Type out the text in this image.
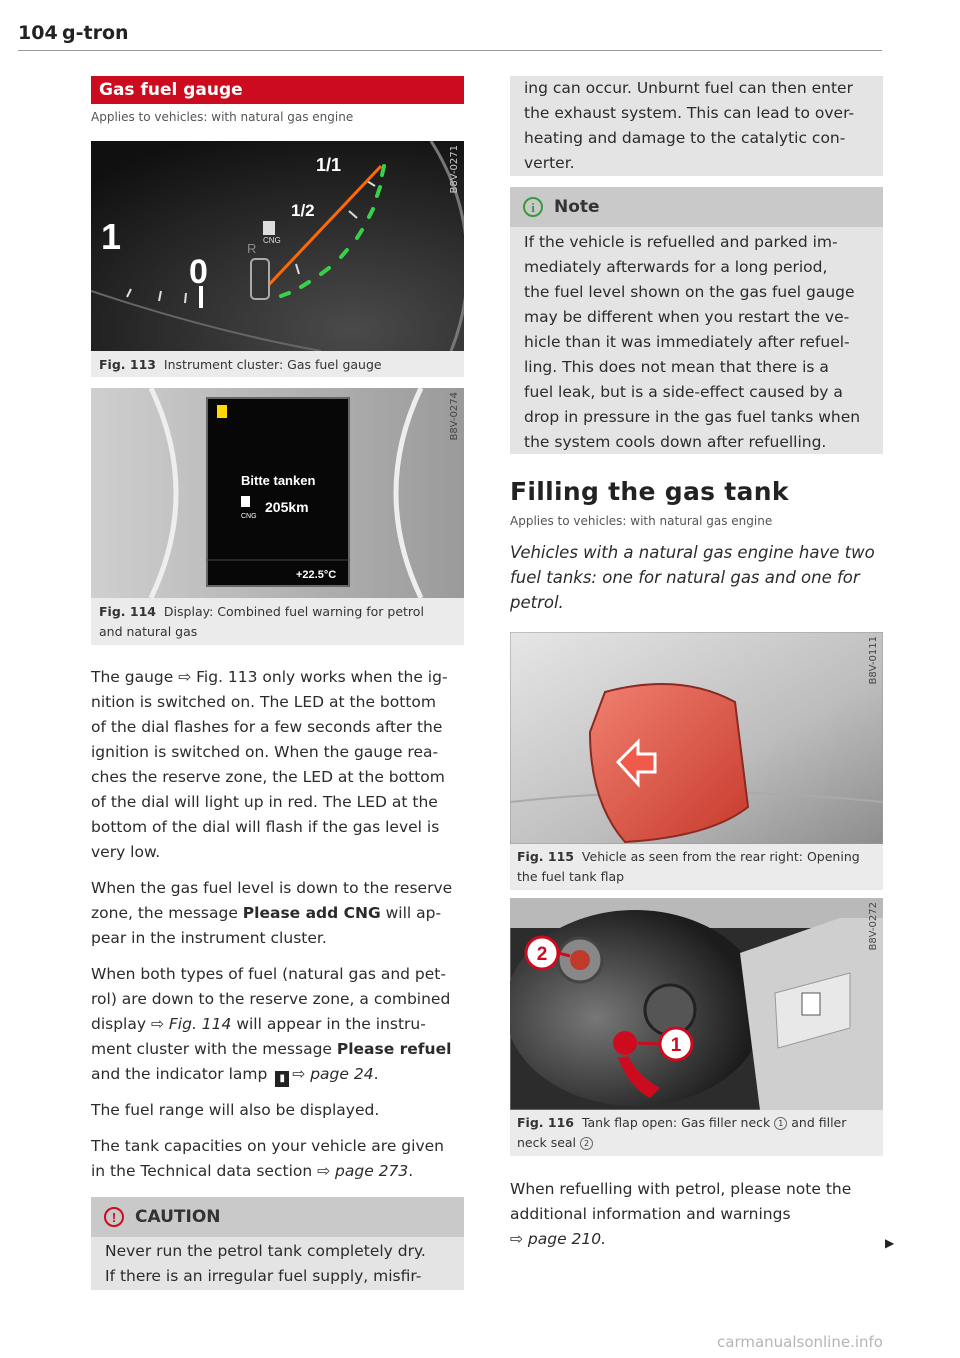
104 g-tron
Gas fuel gauge
Applies to vehicles: with natural gas engine
1/1
1/2
1
0
R
CNG
B8V-0271
Fig. 113 Instrument cluster: Gas fuel gauge
Bitte tanken
CNG
205km
+22.5°C
B8V-0274
Fig. 114 Display: Combined fuel warning for petrol
and natural gas
The gauge ⇨ Fig. 113 only works when the ig-
nition is switched on. The LED at the bottom
of the dial flashes for a few seconds after the
ignition is switched on. When the gauge rea-
ches the reserve zone, the LED at the bottom
of the dial will light up in red. The LED at the
bottom of the dial will flash if the gas level is
very low.
When the gas fuel level is down to the reserve
zone, the message Please add CNG will ap-
pear in the instrument cluster.
When both types of fuel (natural gas and pet-
rol) are down to the reserve zone, a combined
display ⇨ Fig. 114 will appear in the instru-
ment cluster with the message Please refuel
and the indicator lamp ▮ ⇨ page 24.
The fuel range will also be displayed.
The tank capacities on your vehicle are given
in the Technical data section ⇨ page 273.
! CAUTION
Never run the petrol tank completely dry.
If there is an irregular fuel supply, misfir-
ing can occur. Unburnt fuel can then enter
the exhaust system. This can lead to over-
heating and damage to the catalytic con-
verter.
i Note
If the vehicle is refuelled and parked im-
mediately afterwards for a long period,
the fuel level shown on the gas fuel gauge
may be different when you restart the ve-
hicle than it was immediately after refuel-
ling. This does not mean that there is a
fuel leak, but is a side-effect caused by a
drop in pressure in the gas fuel tanks when
the system cools down after refuelling.
Filling the gas tank
Applies to vehicles: with natural gas engine
Vehicles with a natural gas engine have two
fuel tanks: one for natural gas and one for
petrol.
B8V-0111
Fig. 115 Vehicle as seen from the rear right: Opening
the fuel tank flap
2
1
B8V-0272
Fig. 116 Tank flap open: Gas filler neck 1 and filler
neck seal 2
When refuelling with petrol, please note the
additional information and warnings
⇨ page 210.	▶
carmanualsonline.info
